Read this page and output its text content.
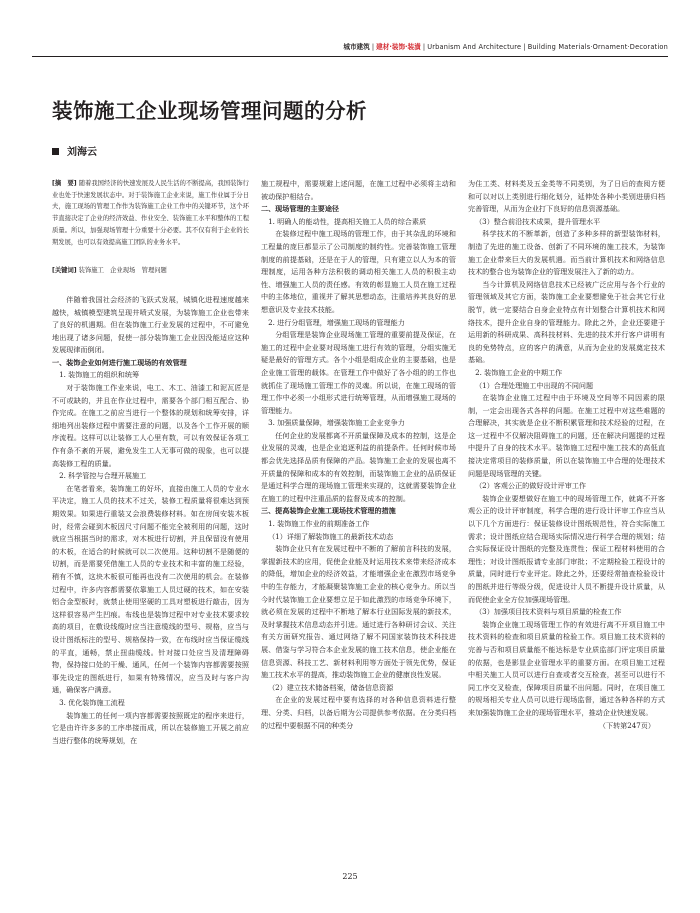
城市建筑 | 建材·装饰·装潢 | Urbanism And Architecture | Building Materials·Ornament·Decoration
装饰施工企业现场管理问题的分析
刘海云
[摘　要] 随着我国经济的快速发展及人民生活的不断提高，我国装饰行业也处于快速发展状态中。对于装饰施工企业来说，施工作业属于分日夫，施工现场的管理工作作为装饰施工企业工作中的关键环节，这个环节直接决定了企业的经济效益、作业安全、装饰施工水平和整体的工程质量。所以，加强现场管理十分重要十分必要。其不仅有利于企业的长期发展，也可以有效提高施工团队的业务水平。
[关键词] 装饰施工　企业现场　管理问题

伴随着我国社会经济的飞跃式发展，城镇化进程速度越来越快，城镇模型建筑呈现井喷式发展，为装饰施工企业也带来了良好的机遇期。但在装饰施工行业发展的过程中，不可避免地出现了诸多问题，促使一部分装饰施工企业因没能适应这种发展现律而倒闭。

一、装饰企业如何进行施工现场的有效管理

1. 装饰施工的组织和统筹

对于装饰施工作业来说，电工、木工、油漆工和泥瓦匠是不可或缺的，并且在作业过程中，需要各个部门相互配合、协作完成。在施工之前应当进行一个整体的规划和统筹安排，详细地列出装修过程中需要注意的问题，以及各个工作开展的顺序流程。这样可以让装修工人心里有数，可以有效保证各项工作有条不紊的开展，避免发生工人无事可做的现象，也可以提高装修工程的质量。

2. 科学管控与合理开展施工

在笔者看来，装饰施工的好坏，直接由施工人员的专业水平决定，施工人员的技术不过关，装修工程质量将很难达到预期效果。如果进行重装又会浪费装修材料。如在房间安装木板时，经常会碰到木板因尺寸问题不能完全被利用的问题，这时就应当根据当时的需求，对木板进行切割，并且保留没有使用的木板，在适合的时候就可以二次使用。这种切割不是随便的切割，而是需要凭借施工人员的专业技术和丰富的施工经验，稍有不慎，这块木板很可能再也没有二次使用的机会。在装修过程中，许多内容都需要依靠施工人员过硬的技术，如在安装铝合金型板时，就禁止使用坚硬的工具对塑板进行敲击，因为这样很容易产生凹痕。布线也是装饰过程中对专业技术要求较高的项目，在敷设线缆时应当注意缆线的型号、规格，应当与设计图纸标注的型号、规格保持一致，在布线时应当保证缆线的平直，通畅，禁止扭曲缆线。针对接口处应当及清理障碍物，保持接口处的干燥、通风，任何一个装饰内容都需要按照事先设定的图纸进行，如果有特殊情况，应当及时与客户沟通，确保客户满意。

3. 优化装饰施工流程

装饰施工的任何一项内容都需要按照既定的程序来进行，它是由许许多多的工序串接而成，所以在装修施工开展之前应当进行整体的统筹规划，在

施工规程中，需要规避上述问题，在施工过程中必须将主动和被动保护相结合。

二、现场管理的主要途径

1. 明确人的能动性，提高相关施工人员的综合素质

在装修过程中施工现场的管理工作，由于其杂乱的环境和工程量的庞巨都显示了公司制度的制约性。完善装饰施工管理制度的前提基础，还是在于人的管理，只有建立以人为本的管理制度，运用各种方法积极的调动相关施工人员的积极主动性、增强施工人员的责任感。有效的彰显施工人员在施工过程中的主体地位，重视并了解其思想动态，注重培养其良好的思想意识及专业技术技能。

2. 进行分组管理，增强施工现场的管理能力

分组管理是装饰企业现场施工管理的重要前提及保证，在施工的过程中企业要对现场施工进行有效的管理，分组实施无疑是最好的管理方式。各个小组是组成企业的主要基础，也是企业施工管理的载体。在管理工作中做好了各小组的的工作也就抓住了现场施工管理工作的灵魂。所以说，在施工现场的管理工作中必须一小组形式进行统筹管理，从而增强施工现场的管理能力。

3. 加强质量保障，增强装饰施工企业竞争力

任何企业的发展都离不开质量保障及成本的控制，这是企业发展的灵魂，也是企业追逐利益的前提条件。任何时候市场都会优先选择品质有保障的产品。装饰施工企业的发展也离不开质量的保障和成本的有效控制，而装饰施工企业的品质保证是通过科学合理的现场施工管理来实现的，这就需要装饰企业在施工的过程中注重品质的监督及成本的控制。

三、提高装饰企业施工现场技术管理的措施

1. 装饰施工作业的前期准备工作

（1）详细了解装饰施工的最新技术动态

装饰企业只有在发展过程中不断的了解前言科技的发展，掌握新技术的应用，促使企业能及时运用技术来带来经济成本的降低，增加企业的经济效益，才能增强企业在激烈市场竞争中的生存能力，才能凝聚装饰施工企业的核心竞争力。所以当今时代装饰施工企业要想立足于如此激烈的市场竞争环境下，就必须在发展的过程中不断地了解本行业国际发展的新技术，及时掌握技术信息动态并引进。通过进行各种研讨会议、关注有关方面研究报告、通过网络了解不同国家装饰技术科技进展、借鉴与学习符合本企业发展的施工技术信息，使企业能在信息资源、科技工艺、新材料利用等方面处于领先优势，保证施工技术水平的提高，推动装饰施工企业的健康良性发展。

（2）建立技术储备档案，储备信息资源

在企业的发展过程中要有选择的对各种信息资料进行整理、分类、归档，以备后期为公司提供参考依据。在分类归档的过程中要根据不同的种类分

为住工类、材料类及五金类等不同类别，为了日后的查阅方便和可以对以上类别进行细化划分，延伸处各种小类别进册归档完善管理，从而为企业打下良好的信息资源基础。

（3）整合前沿技术成果，提升管理水平

科学技术的不断革新，创造了多种多样的新型装饰材料，制造了先进的施工设备、创新了不同环境的施工技术，为装饰施工企业带来巨大的发展机遇。而当前计算机技术和网络信息技术的整合也为装饰企业的管理发展注入了新的动力。

当今计算机及网络信息技术已经被广泛应用与各个行业的管理领域及其它方面，装饰施工企业要想避免于社会其它行业脱节，就一定要结合自身企业特点有计划整合计算机技术和网络技术，提升企业自身的管理能力。除此之外，企业还要建于运用新的科研成果、高科技材料、先进的技术并行客户讲明有良的免势特点，应的客户的满意，从而为企业的发展奠定技术基础。

2. 装饰施工企业的中期工作

（1）合理处理施工中出现的不同问题

在装饰企业施工过程中由于环境及空间等不同因素的限制，一定会出现各式各样的问题。在施工过程中对这些难题的合理解决，其实就是企业不断积累管理和技术经验的过程，在这一过程中不仅解决阻碍施工的问题，还在解决问题提的过程中提升了自身的技术水平。装饰施工过程中施工技术的高低直接决定常项目的装修质量，所以在装饰施工中合理的处理技术问题是现场管理的关键。

（2）客观公正的做好设计评审工作

装饰企业要想做好在施工中的现场管理工作，就离不开客观公正的设计评审制度，科学合理的进行设计评审工作应当从以下几个方面进行：保证装修设计图纸规范性，符合实际施工需求；设计图纸应结合现场实际情况进行科学合理的规划；结合实际保证设计图纸的完整及连贯性；保证工程材料使用的合理性；对设计图纸报请专业部门审批；不定期检验工程设计的质量，同时进行专业评定。除此之外，还要经常抽查检验设计的图纸并进行等级分级，促进设计人员不断提升设计质量，从而促使企业全方位加强现场管理。

（3）加强项目技术资料与项目质量的检查工作

装饰企业施工现场管理工作的有效进行离不开项目施工中技术资料的检查和项目质量的检验工作。项目施工技术资料的完善与否和项目质量能不能达标是专业质监部门评定项目质量的依据，也是影显企业管理水平的重要方面。在项目施工过程中相关施工人员可以进行自查或者交互检查，甚至可以进行不同工序交叉检查，保障项目质量不出问题。同时，在项目施工的规场相关专业人员可以进行现场监督，通过各种各样的方式来加强装饰施工企业的现场管理水平，推动企业快速发展。

（下转第247页）

225
